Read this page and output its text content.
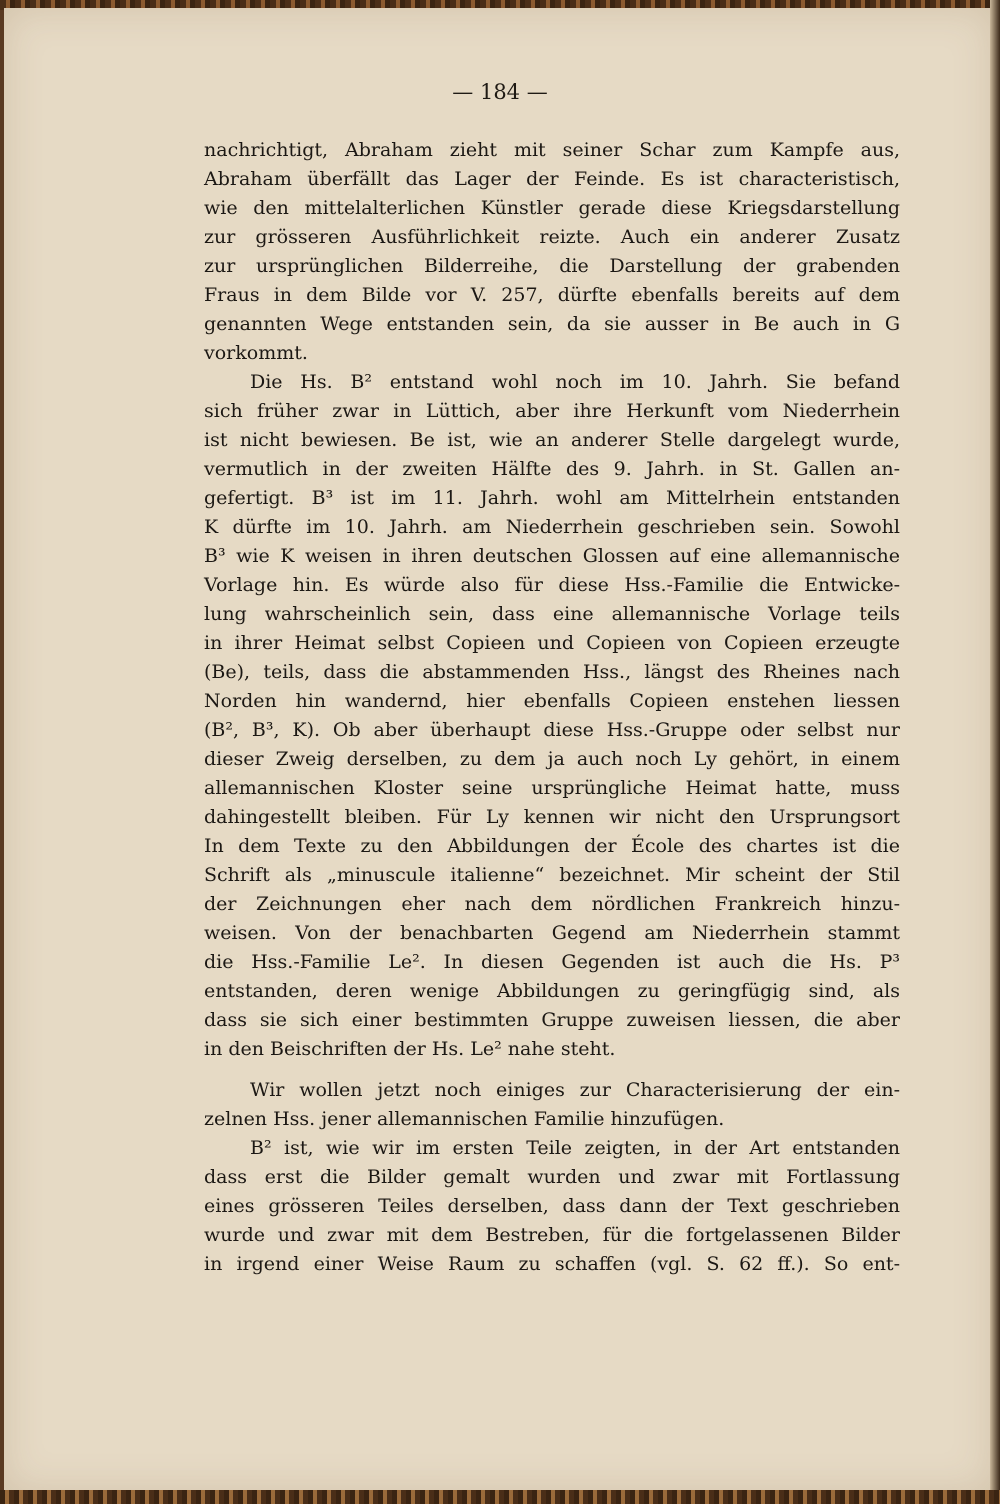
— 184 —
nachrichtigt, Abraham zieht mit seiner Schar zum Kampfe aus,
Abraham überfällt das Lager der Feinde. Es ist characteristisch,
wie den mittelalterlichen Künstler gerade diese Kriegsdarstellung
zur grösseren Ausführlichkeit reizte. Auch ein anderer Zusatz
zur ursprünglichen Bilderreihe, die Darstellung der grabenden
Fraus in dem Bilde vor V. 257, dürfte ebenfalls bereits auf dem
genannten Wege entstanden sein, da sie ausser in Be auch in G
vorkommt.
Die Hs. B² entstand wohl noch im 10. Jahrh. Sie befand
sich früher zwar in Lüttich, aber ihre Herkunft vom Niederrhein
ist nicht bewiesen. Be ist, wie an anderer Stelle dargelegt wurde,
vermutlich in der zweiten Hälfte des 9. Jahrh. in St. Gallen an-
gefertigt. B³ ist im 11. Jahrh. wohl am Mittelrhein entstanden
K dürfte im 10. Jahrh. am Niederrhein geschrieben sein. Sowohl
B³ wie K weisen in ihren deutschen Glossen auf eine allemannische
Vorlage hin. Es würde also für diese Hss.-Familie die Entwicke-
lung wahrscheinlich sein, dass eine allemannische Vorlage teils
in ihrer Heimat selbst Copieen und Copieen von Copieen erzeugte
(Be), teils, dass die abstammenden Hss., längst des Rheines nach
Norden hin wandernd, hier ebenfalls Copieen enstehen liessen
(B², B³, K). Ob aber überhaupt diese Hss.-Gruppe oder selbst nur
dieser Zweig derselben, zu dem ja auch noch Ly gehört, in einem
allemannischen Kloster seine ursprüngliche Heimat hatte, muss
dahingestellt bleiben. Für Ly kennen wir nicht den Ursprungsort
In dem Texte zu den Abbildungen der École des chartes ist die
Schrift als „minuscule italienne“ bezeichnet. Mir scheint der Stil
der Zeichnungen eher nach dem nördlichen Frankreich hinzu-
weisen. Von der benachbarten Gegend am Niederrhein stammt
die Hss.-Familie Le². In diesen Gegenden ist auch die Hs. P³
entstanden, deren wenige Abbildungen zu geringfügig sind, als
dass sie sich einer bestimmten Gruppe zuweisen liessen, die aber
in den Beischriften der Hs. Le² nahe steht.
Wir wollen jetzt noch einiges zur Characterisierung der ein-
zelnen Hss. jener allemannischen Familie hinzufügen.
B² ist, wie wir im ersten Teile zeigten, in der Art entstanden
dass erst die Bilder gemalt wurden und zwar mit Fortlassung
eines grösseren Teiles derselben, dass dann der Text geschrieben
wurde und zwar mit dem Bestreben, für die fortgelassenen Bilder
in irgend einer Weise Raum zu schaffen (vgl. S. 62 ff.). So ent-
